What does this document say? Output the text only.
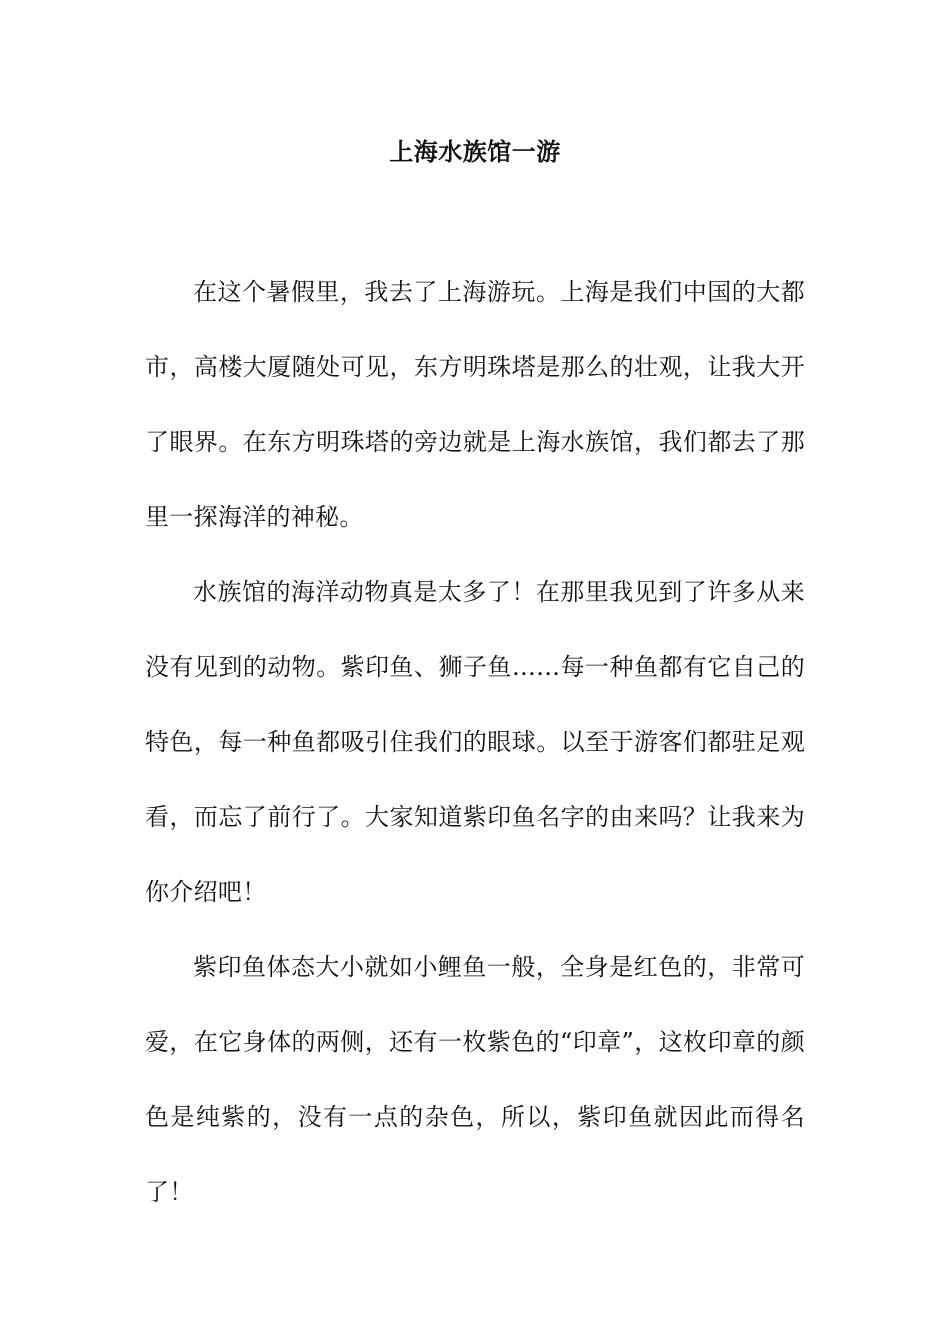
上海水族馆一游

在这个暑假里，我去了上海游玩。上海是我们中国的大都市，高楼大厦随处可见，东方明珠塔是那么的壮观，让我大开了眼界。在东方明珠塔的旁边就是上海水族馆，我们都去了那里一探海洋的神秘。

水族馆的海洋动物真是太多了！在那里我见到了许多从来没有见到的动物。紫印鱼、狮子鱼……每一种鱼都有它自己的特色，每一种鱼都吸引住我们的眼球。以至于游客们都驻足观看，而忘了前行了。大家知道紫印鱼名字的由来吗？让我来为你介绍吧！

紫印鱼体态大小就如小鲤鱼一般，全身是红色的，非常可爱，在它身体的两侧，还有一枚紫色的“印章”，这枚印章的颜色是纯紫的，没有一点的杂色，所以，紫印鱼就因此而得名了！
